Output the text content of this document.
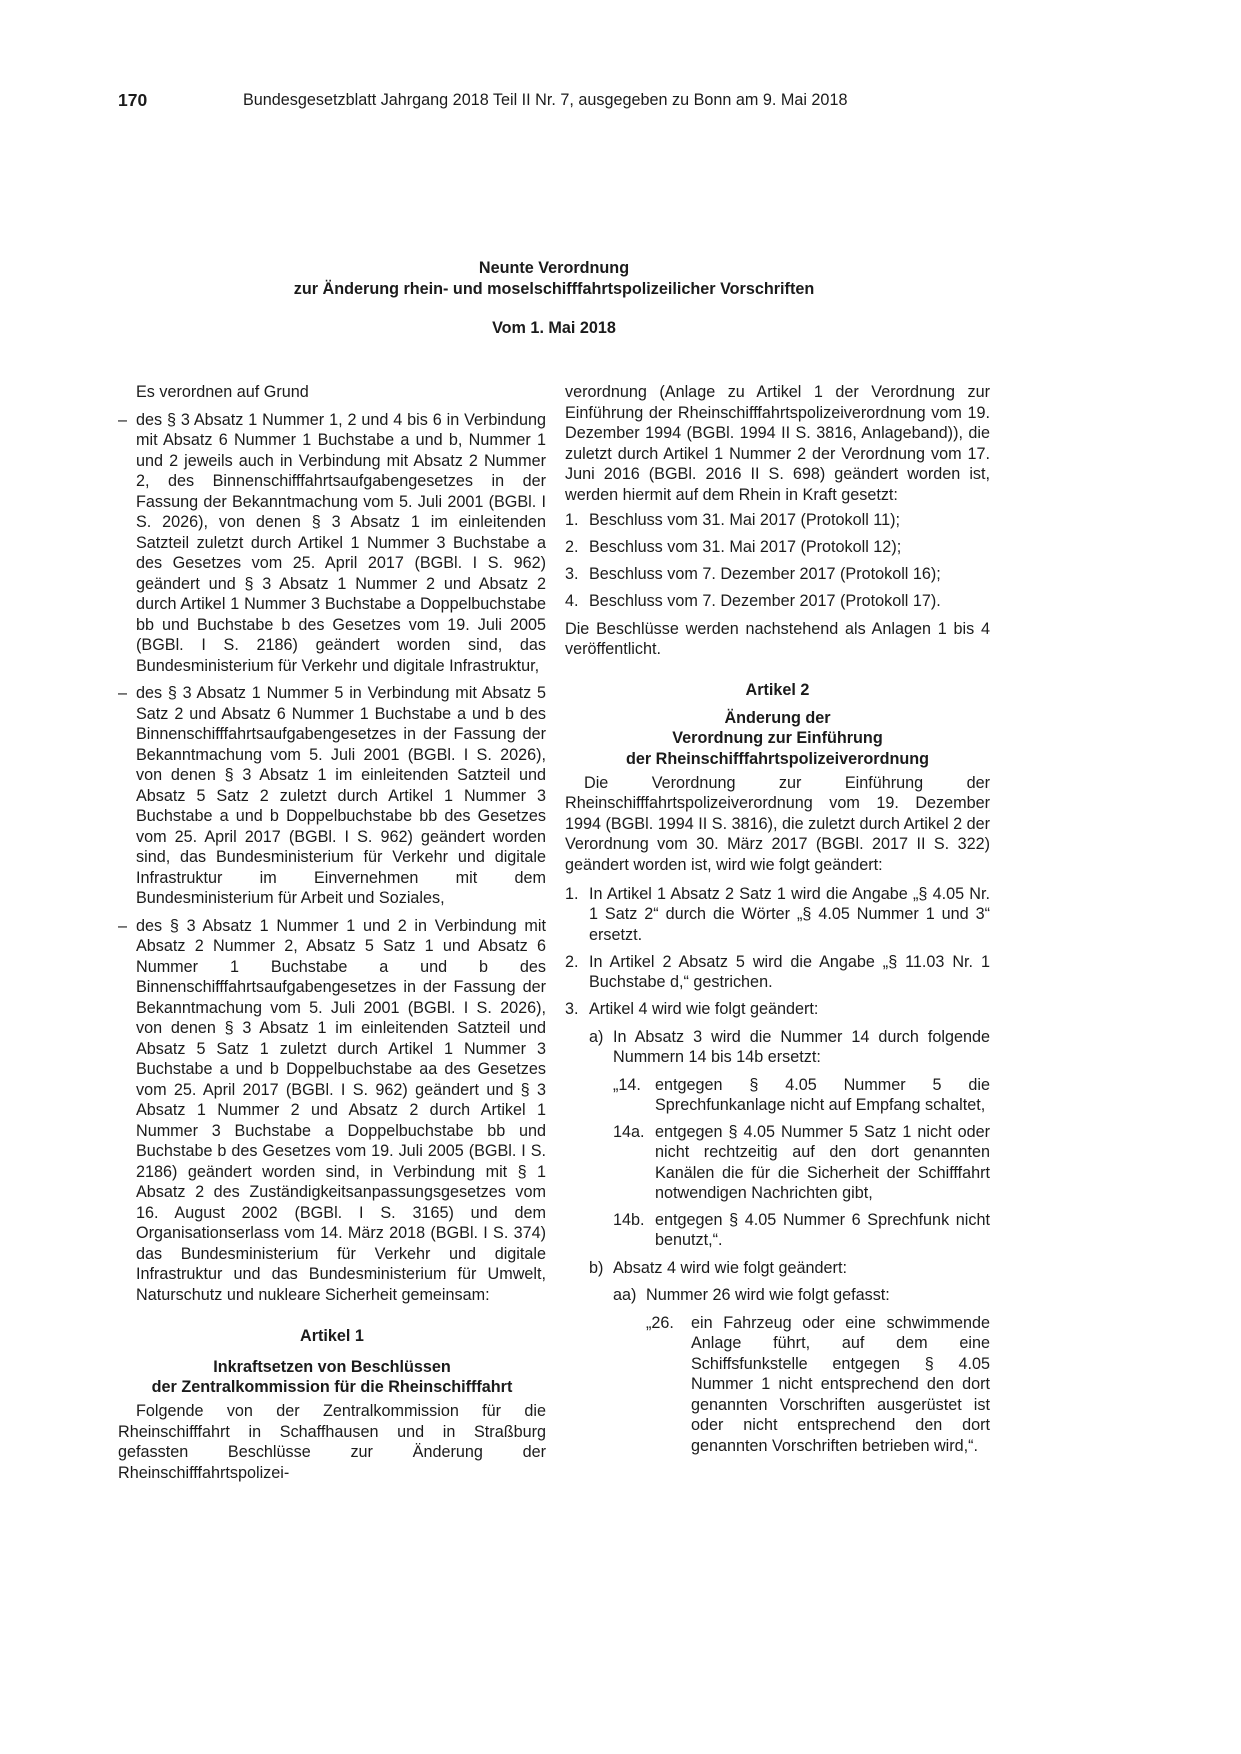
170	Bundesgesetzblatt Jahrgang 2018 Teil II Nr. 7, ausgegeben zu Bonn am 9. Mai 2018
Neunte Verordnung
zur Änderung rhein- und moselschifffahrtspolizeilicher Vorschriften
Vom 1. Mai 2018

Es verordnen auf Grund

– des § 3 Absatz 1 Nummer 1, 2 und 4 bis 6 in Verbindung mit Absatz 6 Nummer 1 Buchstabe a und b, Nummer 1 und 2 jeweils auch in Verbindung mit Absatz 2 Nummer 2, des Binnenschifffahrtsaufgabengesetzes in der Fassung der Bekanntmachung vom 5. Juli 2001 (BGBl. I S. 2026), von denen § 3 Absatz 1 im einleitenden Satzteil zuletzt durch Artikel 1 Nummer 3 Buchstabe a des Gesetzes vom 25. April 2017 (BGBl. I S. 962) geändert und § 3 Absatz 1 Nummer 2 und Absatz 2 durch Artikel 1 Nummer 3 Buchstabe a Doppelbuchstabe bb und Buchstabe b des Gesetzes vom 19. Juli 2005 (BGBl. I S. 2186) geändert worden sind, das Bundesministerium für Verkehr und digitale Infrastruktur,
– des § 3 Absatz 1 Nummer 5 in Verbindung mit Absatz 5 Satz 2 und Absatz 6 Nummer 1 Buchstabe a und b des Binnenschifffahrtsaufgabengesetzes in der Fassung der Bekanntmachung vom 5. Juli 2001 (BGBl. I S. 2026), von denen § 3 Absatz 1 im einleitenden Satzteil und Absatz 5 Satz 2 zuletzt durch Artikel 1 Nummer 3 Buchstabe a und b Doppelbuchstabe bb des Gesetzes vom 25. April 2017 (BGBl. I S. 962) geändert worden sind, das Bundesministerium für Verkehr und digitale Infrastruktur im Einvernehmen mit dem Bundesministerium für Arbeit und Soziales,
– des § 3 Absatz 1 Nummer 1 und 2 in Verbindung mit Absatz 2 Nummer 2, Absatz 5 Satz 1 und Absatz 6 Nummer 1 Buchstabe a und b des Binnenschifffahrtsaufgabengesetzes in der Fassung der Bekanntmachung vom 5. Juli 2001 (BGBl. I S. 2026), von denen § 3 Absatz 1 im einleitenden Satzteil und Absatz 5 Satz 1 zuletzt durch Artikel 1 Nummer 3 Buchstabe a und b Doppelbuchstabe aa des Gesetzes vom 25. April 2017 (BGBl. I S. 962) geändert und § 3 Absatz 1 Nummer 2 und Absatz 2 durch Artikel 1 Nummer 3 Buchstabe a Doppelbuchstabe bb und Buchstabe b des Gesetzes vom 19. Juli 2005 (BGBl. I S. 2186) geändert worden sind, in Verbindung mit § 1 Absatz 2 des Zuständigkeitsanpassungsgesetzes vom 16. August 2002 (BGBl. I S. 3165) und dem Organisationserlass vom 14. März 2018 (BGBl. I S. 374) das Bundesministerium für Verkehr und digitale Infrastruktur und das Bundesministerium für Umwelt, Naturschutz und nukleare Sicherheit gemeinsam:
Artikel 1
Inkraftsetzen von Beschlüssen
der Zentralkommission für die Rheinschifffahrt

Folgende von der Zentralkommission für die Rheinschifffahrt in Schaffhausen und in Straßburg gefassten Beschlüsse zur Änderung der Rheinschifffahrtspolizei-

verordnung (Anlage zu Artikel 1 der Verordnung zur Einführung der Rheinschifffahrtspolizeiverordnung vom 19. Dezember 1994 (BGBl. 1994 II S. 3816, Anlageband)), die zuletzt durch Artikel 1 Nummer 2 der Verordnung vom 17. Juni 2016 (BGBl. 2016 II S. 698) geändert worden ist, werden hiermit auf dem Rhein in Kraft gesetzt:

1. Beschluss vom 31. Mai 2017 (Protokoll 11);
2. Beschluss vom 31. Mai 2017 (Protokoll 12);
3. Beschluss vom 7. Dezember 2017 (Protokoll 16);
4. Beschluss vom 7. Dezember 2017 (Protokoll 17).

Die Beschlüsse werden nachstehend als Anlagen 1 bis 4 veröffentlicht.

Artikel 2
Änderung der
Verordnung zur Einführung
der Rheinschifffahrtspolizeiverordnung

Die Verordnung zur Einführung der Rheinschifffahrtspolizeiverordnung vom 19. Dezember 1994 (BGBl. 1994 II S. 3816), die zuletzt durch Artikel 2 der Verordnung vom 30. März 2017 (BGBl. 2017 II S. 322) geändert worden ist, wird wie folgt geändert:

1. In Artikel 1 Absatz 2 Satz 1 wird die Angabe „§ 4.05 Nr. 1 Satz 2“ durch die Wörter „§ 4.05 Nummer 1 und 3“ ersetzt.
2. In Artikel 2 Absatz 5 wird die Angabe „§ 11.03 Nr. 1 Buchstabe d,“ gestrichen.
3. Artikel 4 wird wie folgt geändert:

a) In Absatz 3 wird die Nummer 14 durch folgende Nummern 14 bis 14b ersetzt:

„14. entgegen § 4.05 Nummer 5 die Sprechfunkanlage nicht auf Empfang schaltet,
14a. entgegen § 4.05 Nummer 5 Satz 1 nicht oder nicht rechtzeitig auf den dort genannten Kanälen die für die Sicherheit der Schifffahrt notwendigen Nachrichten gibt,
14b. entgegen § 4.05 Nummer 6 Sprechfunk nicht benutzt,“.
b) Absatz 4 wird wie folgt geändert:

aa) Nummer 26 wird wie folgt gefasst:

„26.	ein Fahrzeug oder eine schwimmende Anlage führt, auf dem eine Schiffsfunkstelle entgegen § 4.05 Nummer 1 nicht entsprechend den dort genannten Vorschriften ausgerüstet ist oder nicht entsprechend den dort genannten Vorschriften betrieben wird,“.
